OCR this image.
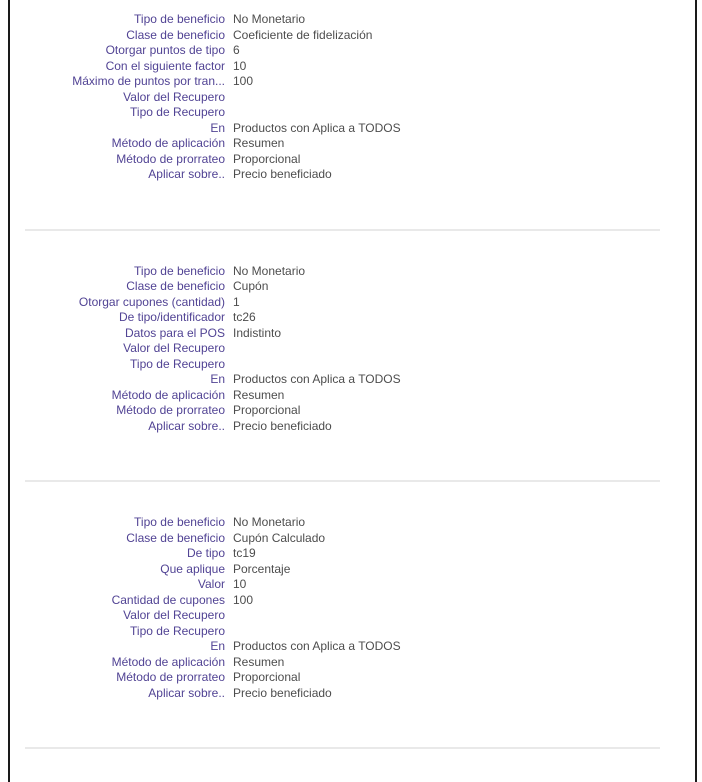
Tipo de beneficio No Monetario
Clase de beneficio Coeficiente de fidelización
Otorgar puntos de tipo 6
Con el siguiente factor 10
Máximo de puntos por tran... 100
Valor del Recupero
Tipo de Recupero
En Productos con Aplica a TODOS
Método de aplicación Resumen
Método de prorrateo Proporcional
Aplicar sobre.. Precio beneficiado
Tipo de beneficio No Monetario
Clase de beneficio Cupón
Otorgar cupones (cantidad) 1
De tipo/identificador tc26
Datos para el POS Indistinto
Valor del Recupero
Tipo de Recupero
En Productos con Aplica a TODOS
Método de aplicación Resumen
Método de prorrateo Proporcional
Aplicar sobre.. Precio beneficiado
Tipo de beneficio No Monetario
Clase de beneficio Cupón Calculado
De tipo tc19
Que aplique Porcentaje
Valor 10
Cantidad de cupones 100
Valor del Recupero
Tipo de Recupero
En Productos con Aplica a TODOS
Método de aplicación Resumen
Método de prorrateo Proporcional
Aplicar sobre.. Precio beneficiado
